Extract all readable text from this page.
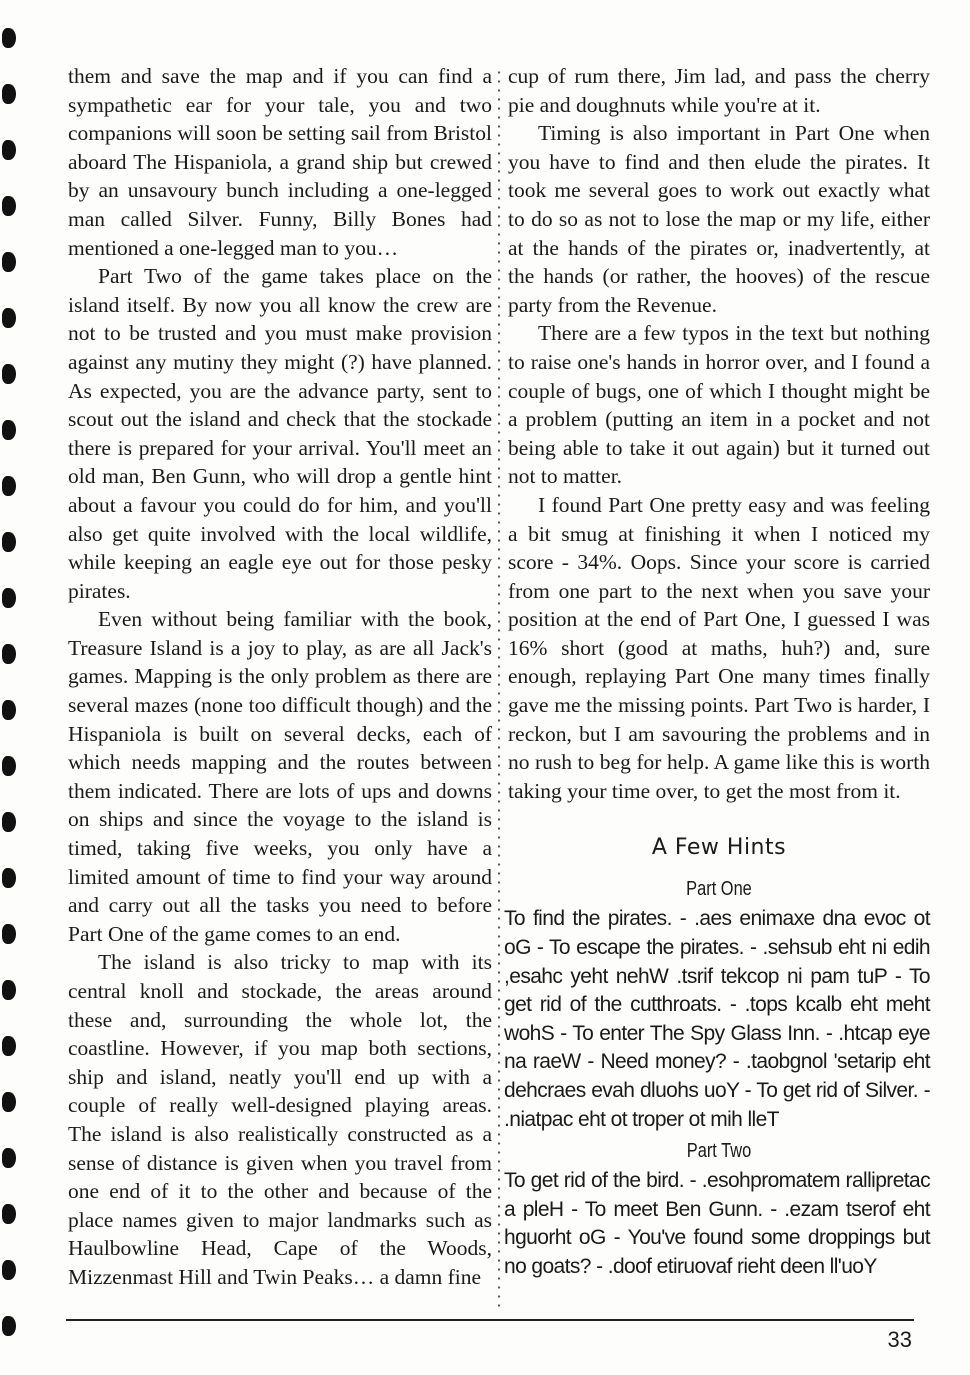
them and save the map and if you can find a sympathetic ear for your tale, you and two companions will soon be setting sail from Bristol aboard The Hispaniola, a grand ship but crewed by an unsavoury bunch including a one-legged man called Silver. Funny, Billy Bones had mentioned a one-legged man to you…

Part Two of the game takes place on the island itself. By now you all know the crew are not to be trusted and you must make provision against any mutiny they might (?) have planned. As expected, you are the advance party, sent to scout out the island and check that the stockade there is prepared for your arrival. You'll meet an old man, Ben Gunn, who will drop a gentle hint about a favour you could do for him, and you'll also get quite involved with the local wildlife, while keeping an eagle eye out for those pesky pirates.

Even without being familiar with the book, Treasure Island is a joy to play, as are all Jack's games. Mapping is the only problem as there are several mazes (none too difficult though) and the Hispaniola is built on several decks, each of which needs mapping and the routes between them indicated. There are lots of ups and downs on ships and since the voyage to the island is timed, taking five weeks, you only have a limited amount of time to find your way around and carry out all the tasks you need to before Part One of the game comes to an end.

The island is also tricky to map with its central knoll and stockade, the areas around these and, surrounding the whole lot, the coastline. However, if you map both sections, ship and island, neatly you'll end up with a couple of really well-designed playing areas. The island is also realistically constructed as a sense of distance is given when you travel from one end of it to the other and because of the place names given to major landmarks such as Haulbowline Head, Cape of the Woods, Mizzenmast Hill and Twin Peaks… a damn fine

cup of rum there, Jim lad, and pass the cherry pie and doughnuts while you're at it.

Timing is also important in Part One when you have to find and then elude the pirates. It took me several goes to work out exactly what to do so as not to lose the map or my life, either at the hands of the pirates or, inadvertently, at the hands (or rather, the hooves) of the rescue party from the Revenue.

There are a few typos in the text but nothing to raise one's hands in horror over, and I found a couple of bugs, one of which I thought might be a problem (putting an item in a pocket and not being able to take it out again) but it turned out not to matter.

I found Part One pretty easy and was feeling a bit smug at finishing it when I noticed my score - 34%. Oops. Since your score is carried from one part to the next when you save your position at the end of Part One, I guessed I was 16% short (good at maths, huh?) and, sure enough, replaying Part One many times finally gave me the missing points. Part Two is harder, I reckon, but I am savouring the problems and in no rush to beg for help. A game like this is worth taking your time over, to get the most from it.

A Few Hints
Part One

To find the pirates. - .aes enimaxe dna evoc ot oG - To escape the pirates. - .sehsub eht ni edih ,esahc yeht nehW .tsrif tekcop ni pam tuP - To get rid of the cutthroats. - .tops kcalb eht meht wohS - To enter The Spy Glass Inn. - .htcap eye na raeW - Need money? - .taobgnol 'setarip eht dehcraes evah dluohs uoY - To get rid of Silver. - .niatpac eht ot troper ot mih lleT

Part Two

To get rid of the bird. - .esohpromatem rallipretac a pleH - To meet Ben Gunn. - .ezam tserof eht hguorht oG - You've found some droppings but no goats? - .doof etiruovaf rieht deen ll'uoY

33
